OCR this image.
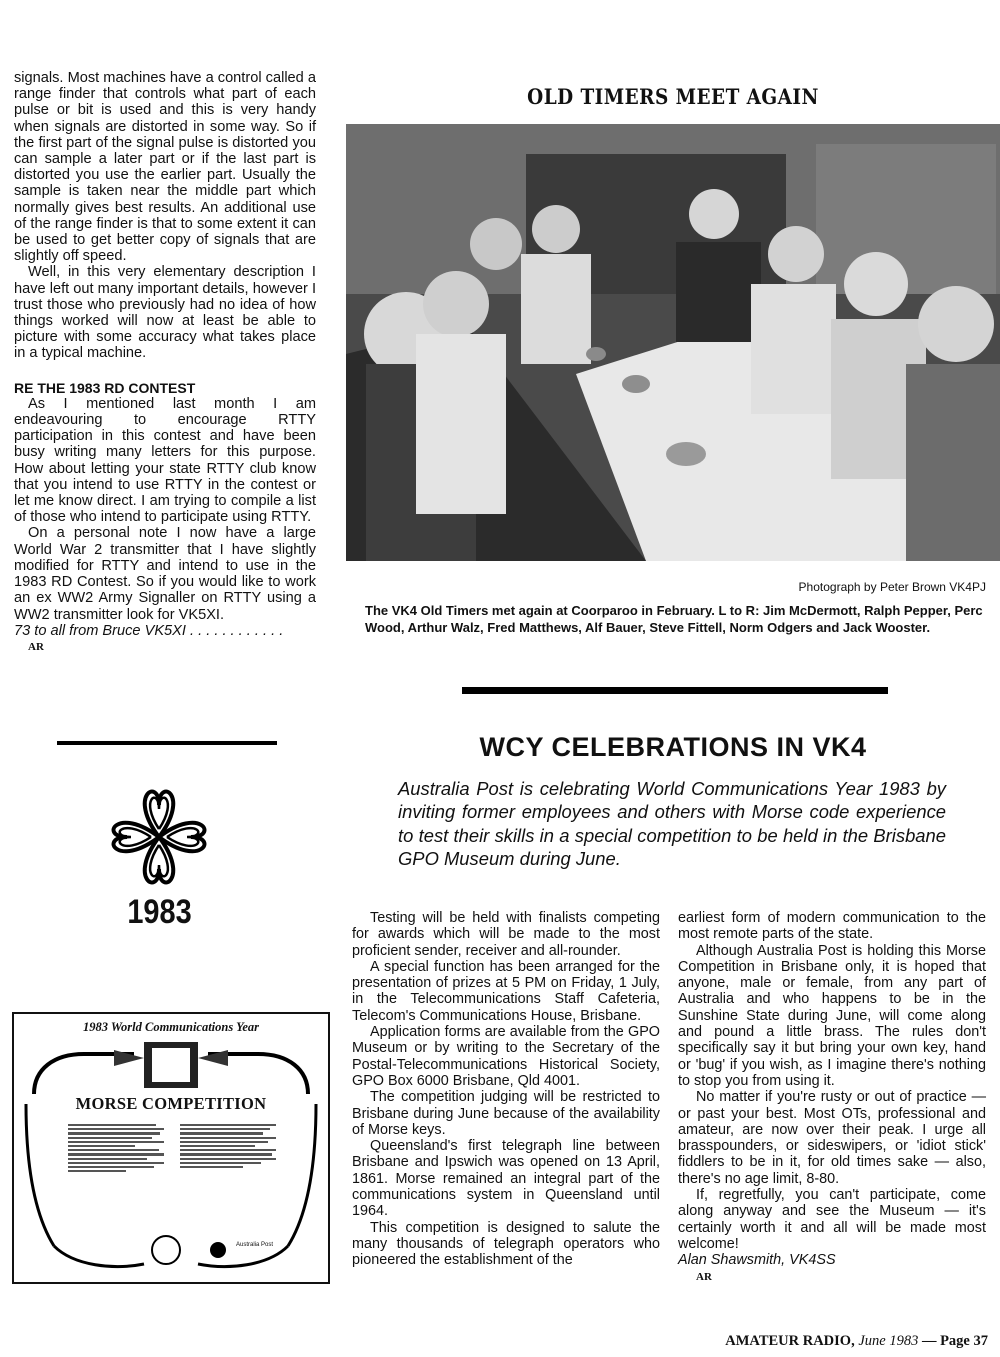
signals. Most machines have a control called a range finder that controls what part of each pulse or bit is used and this is very handy when signals are distorted in some way. So if the first part of the signal pulse is distorted you can sample a later part or if the last part is distorted you use the earlier part. Usually the sample is taken near the middle part which normally gives best results. An additional use of the range finder is that to some extent it can be used to get better copy of signals that are slightly off speed.

Well, in this very elementary description I have left out many important details, however I trust those who previously had no idea of how things worked will now at least be able to picture with some accuracy what takes place in a typical machine.

RE THE 1983 RD CONTEST

As I mentioned last month I am endeavouring to encourage RTTY participation in this contest and have been busy writing many letters for this purpose. How about letting your state RTTY club know that you intend to use RTTY in the contest or let me know direct. I am trying to compile a list of those who intend to participate using RTTY.

On a personal note I now have a large World War 2 transmitter that I have slightly modified for RTTY and intend to use in the 1983 RD Contest. So if you would like to work an ex WW2 Army Signaller on RTTY using a WW2 transmitter look for VK5XI.

73 to all from Bruce VK5XI . . . . . . . . . . . .

AR

OLD TIMERS MEET AGAIN
Photograph by Peter Brown VK4PJ
The VK4 Old Timers met again at Coorparoo in February. L to R: Jim McDermott, Ralph Pepper, Perc Wood, Arthur Walz, Fred Matthews, Alf Bauer, Steve Fittell, Norm Odgers and Jack Wooster.
1983
1983 World Communications Year
MORSE COMPETITION
Australia Post
WCY CELEBRATIONS IN VK4
Australia Post is celebrating World Communications Year 1983 by inviting former employees and others with Morse code experience to test their skills in a special competition to be held in the Brisbane GPO Museum during June.

Testing will be held with finalists competing for awards which will be made to the most proficient sender, receiver and all-rounder.

A special function has been arranged for the presentation of prizes at 5 PM on Friday, 1 July, in the Telecommunications Staff Cafeteria, Telecom's Communications House, Brisbane.

Application forms are available from the GPO Museum or by writing to the Secretary of the Postal-Telecommunications Historical Society, GPO Box 6000 Brisbane, Qld 4001.

The competition judging will be restricted to Brisbane during June because of the availability of Morse keys.

Queensland's first telegraph line between Brisbane and Ipswich was opened on 13 April, 1861. Morse remained an integral part of the communications system in Queensland until 1964.

This competition is designed to salute the many thousands of telegraph operators who pioneered the establishment of the

earliest form of modern communication to the most remote parts of the state.

Although Australia Post is holding this Morse Competition in Brisbane only, it is hoped that anyone, male or female, from any part of Australia and who happens to be in the Sunshine State during June, will come along and pound a little brass. The rules don't specifically say it but bring your own key, hand or 'bug' if you wish, as I imagine there's nothing to stop you from using it.

No matter if you're rusty or out of practice — or past your best. Most OTs, professional and amateur, are now over their peak. I urge all brasspounders, or sideswipers, or 'idiot stick' fiddlers to be in it, for old times sake — also, there's no age limit, 8-80.

If, regretfully, you can't participate, come along anyway and see the Museum — it's certainly worth it and all will be made most welcome!

Alan Shawsmith, VK4SS

AR

AMATEUR RADIO, June 1983 — Page 37
